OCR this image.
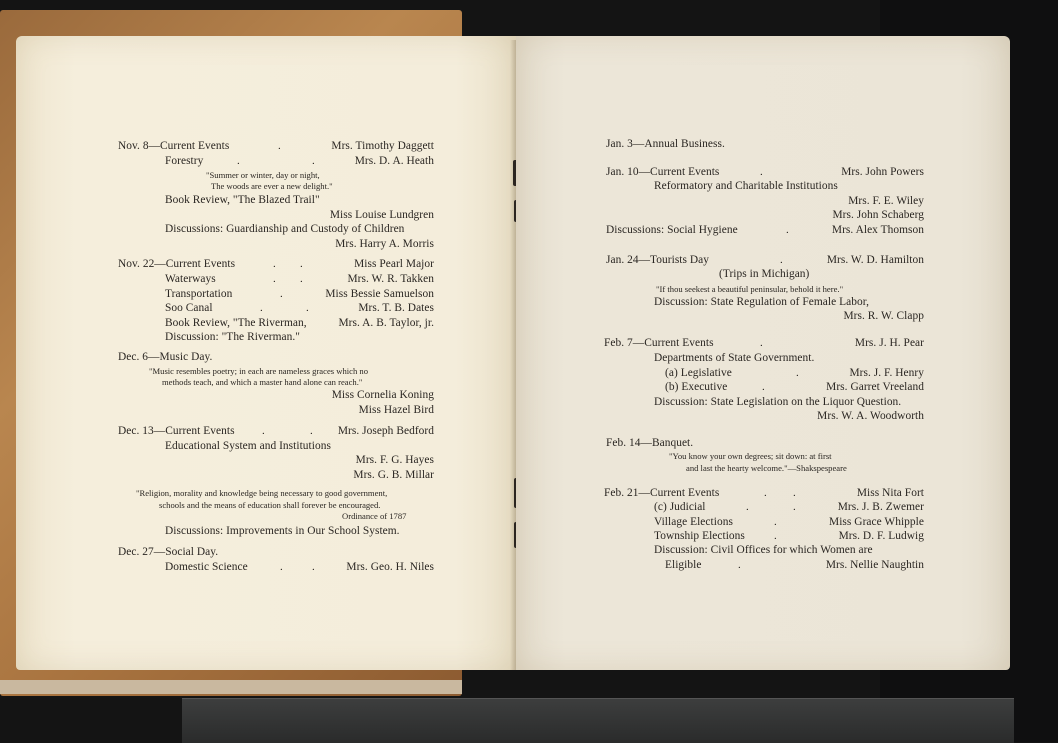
Nov. 8—Current Events	.	Mrs. Timothy Daggett
Forestry	.	.	Mrs. D. A. Heath
"Summer or winter, day or night,
The woods are ever a new delight."
Book Review, "The Blazed Trail"
Miss Louise Lundgren
Discussions: Guardianship and Custody of Children
Mrs. Harry A. Morris
Nov. 22—Current Events	. .	Miss Pearl Major
Waterways	. .	Mrs. W. R. Takken
Transportation	.	Miss Bessie Samuelson
Soo Canal	.	.	Mrs. T. B. Dates
Book Review, "The Riverman,	Mrs. A. B. Taylor, jr.
Discussion: "The Riverman."
Dec. 6—Music Day.
"Music resembles poetry; in each are nameless graces which no
methods teach, and which a master hand alone can reach."
Miss Cornelia Koning
Miss Hazel Bird
Dec. 13—Current Events .	. Mrs. Joseph Bedford
Educational System and Institutions
Mrs. F. G. Hayes
Mrs. G. B. Millar
"Religion, morality and knowledge being necessary to good government,
schools and the means of education shall forever be encouraged.
Ordinance of 1787
Discussions: Improvements in Our School System.
Dec. 27—Social Day.
Domestic Science	.	.	Mrs. Geo. H. Niles
Jan. 3—Annual Business.
Jan. 10—Current Events	.	Mrs. John Powers
Reformatory and Charitable Institutions
Mrs. F. E. Wiley
Mrs. John Schaberg
Discussions: Social Hygiene	.	Mrs. Alex Thomson
Jan. 24—Tourists Day	.	Mrs. W. D. Hamilton
(Trips in Michigan)
"If thou seekest a beautiful peninsular, behold it here."
Discussion: State Regulation of Female Labor,
Mrs. R. W. Clapp
Feb. 7—Current Events	.	Mrs. J. H. Pear
Departments of State Government.
(a) Legislative	.	Mrs. J. F. Henry
(b) Executive	.	Mrs. Garret Vreeland
Discussion: State Legislation on the Liquor Question.
Mrs. W. A. Woodworth
Feb. 14—Banquet.
"You know your own degrees; sit down: at first
and last the hearty welcome."—Shakspespeare
Feb. 21—Current Events	. .	Miss Nita Fort
(c) Judicial	.	.	Mrs. J. B. Zwemer
Village Elections	.	Miss Grace Whipple
Township Elections	.	Mrs. D. F. Ludwig
Discussion: Civil Offices for which Women are
Eligible	.	Mrs. Nellie Naughtin
